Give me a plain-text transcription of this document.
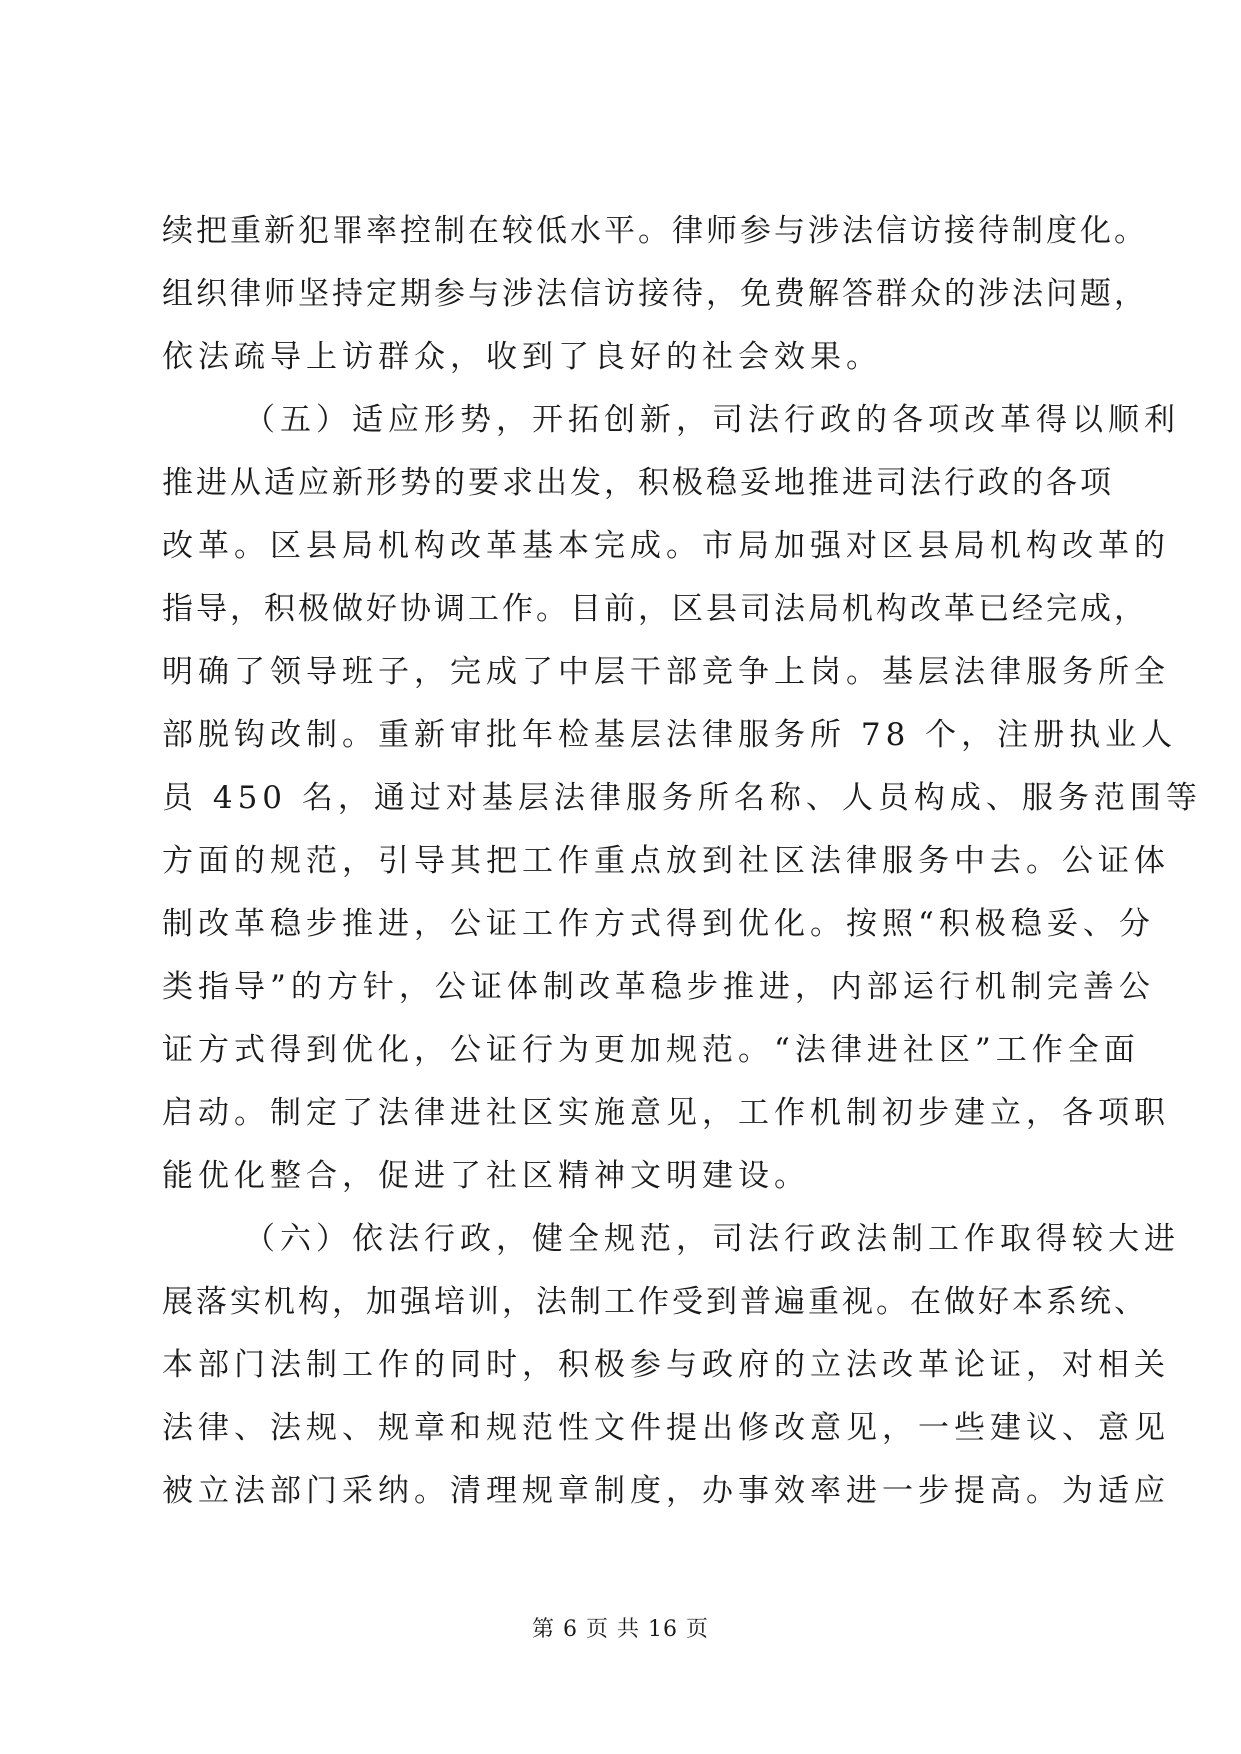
续把重新犯罪率控制在较低水平。律师参与涉法信访接待制度化。
组织律师坚持定期参与涉法信访接待，免费解答群众的涉法问题，
依法疏导上访群众，收到了良好的社会效果。
（五）适应形势，开拓创新，司法行政的各项改革得以顺利
推进从适应新形势的要求出发，积极稳妥地推进司法行政的各项
改革。区县局机构改革基本完成。市局加强对区县局机构改革的
指导，积极做好协调工作。目前，区县司法局机构改革已经完成，
明确了领导班子，完成了中层干部竞争上岗。基层法律服务所全
部脱钩改制。重新审批年检基层法律服务所 78 个，注册执业人
员 450 名，通过对基层法律服务所名称、人员构成、服务范围等
方面的规范，引导其把工作重点放到社区法律服务中去。公证体
制改革稳步推进，公证工作方式得到优化。按照“积极稳妥、分
类指导”的方针，公证体制改革稳步推进，内部运行机制完善公
证方式得到优化，公证行为更加规范。“法律进社区”工作全面
启动。制定了法律进社区实施意见，工作机制初步建立，各项职
能优化整合，促进了社区精神文明建设。
（六）依法行政，健全规范，司法行政法制工作取得较大进
展落实机构，加强培训，法制工作受到普遍重视。在做好本系统、
本部门法制工作的同时，积极参与政府的立法改革论证，对相关
法律、法规、规章和规范性文件提出修改意见，一些建议、意见
被立法部门采纳。清理规章制度，办事效率进一步提高。为适应
第 6 页 共 16 页
